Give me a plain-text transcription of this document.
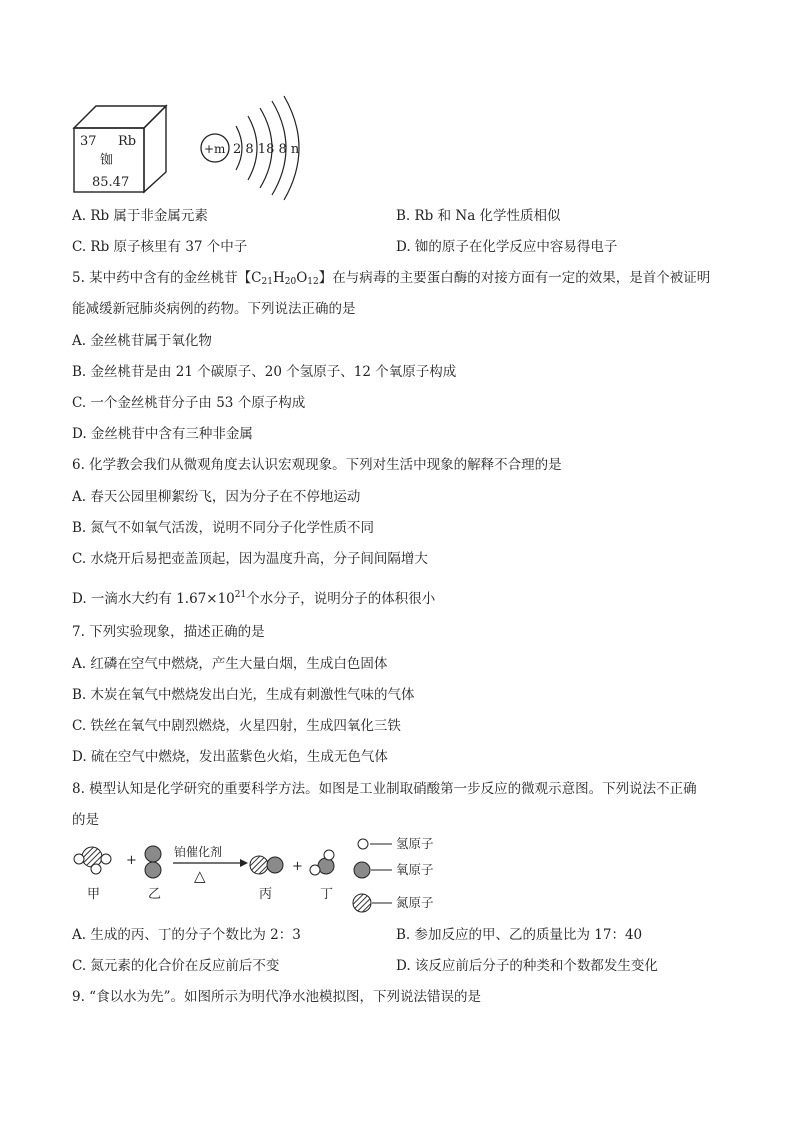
37 Rb
铷
85.47
+m 2 8 18 8 n
A. Rb 属于非金属元素	B. Rb 和 Na 化学性质相似
C. Rb 原子核里有 37 个中子	D. 铷的原子在化学反应中容易得电子
5. 某中药中含有的金丝桃苷【$C_{21}H_{20}O_{12}$】在与病毒的主要蛋白酶的对接方面有一定的效果，是首个被证明
能减缓新冠肺炎病例的药物。下列说法正确的是
A. 金丝桃苷属于氧化物
B. 金丝桃苷是由 21 个碳原子、20 个氢原子、12 个氧原子构成
C. 一个金丝桃苷分子由 53 个原子构成
D. 金丝桃苷中含有三种非金属
6. 化学教会我们从微观角度去认识宏观现象。下列对生活中现象的解释不合理的是
A. 春天公园里柳絮纷飞，因为分子在不停地运动
B. 氮气不如氧气活泼，说明不同分子化学性质不同
C. 水烧开后易把壶盖顶起，因为温度升高，分子间间隔增大
D. 一滴水大约有 $1.67\times 10^{21}$个水分子，说明分子的体积很小
7. 下列实验现象，描述正确的是
A. 红磷在空气中燃烧，产生大量白烟，生成白色固体
B. 木炭在氧气中燃烧发出白光，生成有刺激性气味的气体
C. 铁丝在氧气中剧烈燃烧，火星四射，生成四氧化三铁
D. 硫在空气中燃烧，发出蓝紫色火焰，生成无色气体
8. 模型认知是化学研究的重要科学方法。如图是工业制取硝酸第一步反应的微观示意图。下列说法不正确
的是
甲
+
乙
铂催化剂
△
丙
+
丁
氢原子
氧原子
氮原子
A. 生成的丙、丁的分子个数比为 2：3	B. 参加反应的甲、乙的质量比为 17：40
C. 氮元素的化合价在反应前后不变	D. 该反应前后分子的种类和个数都发生变化
9. “食以水为先”。如图所示为明代净水池模拟图，下列说法错误的是
